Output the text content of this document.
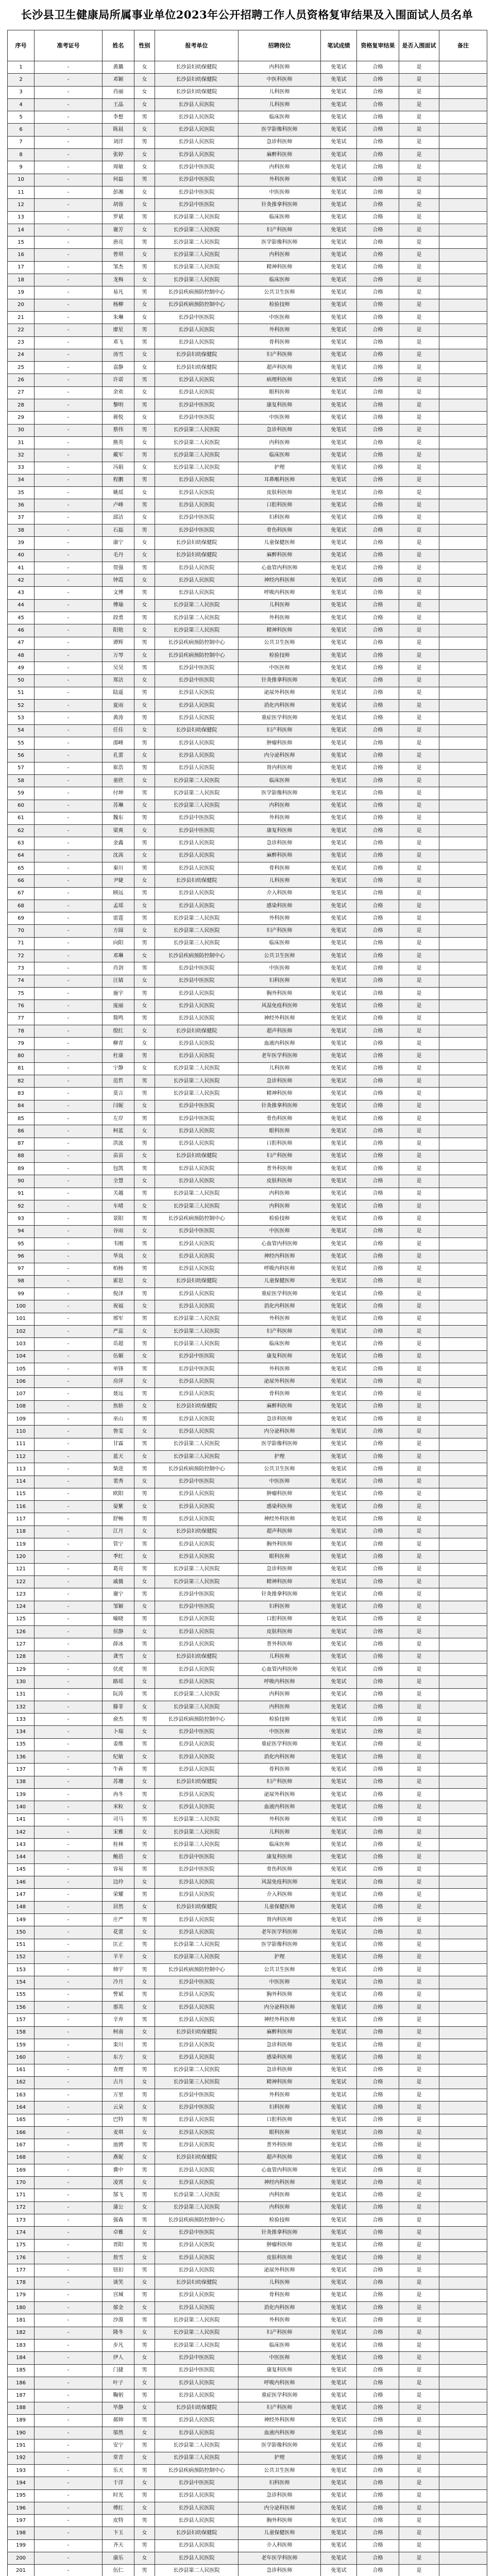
长沙县卫生健康局所属事业单位2023年公开招聘工作人员资格复审结果及入围面试人员名单
序号	准考证号	姓名	性别	报考单位	招聘岗位	笔试成绩	资格复审结果	是否入围面试	备注
1	-	黄璐	女	长沙县妇幼保健院	内科医师	免笔试	合格	是	
2	-	邓颖	女	长沙县妇幼保健院	中医科医师	免笔试	合格	是	
3	-	肖丽	女	长沙县妇幼保健院	儿科医师	免笔试	合格	是	
4	-	王晶	女	长沙县人民医院	儿科医师	免笔试	合格	是	
5	-	李想	男	长沙县人民医院	临床医师	免笔试	合格	是	
6	-	陈晨	女	长沙县人民医院	医学影像科医师	免笔试	合格	是	
7	-	刘洋	男	长沙县人民医院	急诊科医师	免笔试	合格	是	
8	-	张婷	女	长沙县人民医院	麻醉科医师	免笔试	合格	是	
9	-	周敏	女	长沙县中医医院	内科医师	免笔试	合格	是	
10	-	何磊	男	长沙县中医医院	外科医师	免笔试	合格	是	
11	-	彭湘	女	长沙县中医医院	中医医师	免笔试	合格	是	
12	-	胡蓉	女	长沙县中医医院	针灸推拿科医师	免笔试	合格	是	
13	-	罗斌	男	长沙县第二人民医院	临床医师	免笔试	合格	是	
14	-	谢芳	女	长沙县第二人民医院	妇产科医师	免笔试	合格	是	
15	-	唐亮	男	长沙县第二人民医院	医学影像科医师	免笔试	合格	是	
16	-	曾琪	女	长沙县第三人民医院	内科医师	免笔试	合格	是	
17	-	邹杰	男	长沙县第三人民医院	精神科医师	免笔试	合格	是	
18	-	龙梅	女	长沙县第三人民医院	临床医师	免笔试	合格	是	
19	-	易凡	男	长沙县疾病预防控制中心	公共卫生医师	免笔试	合格	是	
20	-	杨柳	女	长沙县疾病预防控制中心	检验技师	免笔试	合格	是	
21	-	朱琳	女	长沙县中医医院	中医医师	免笔试	合格	是	
22	-	廖星	男	长沙县人民医院	外科医师	免笔试	合格	是	
23	-	邓飞	男	长沙县人民医院	骨科医师	免笔试	合格	是	
24	-	汤雪	女	长沙县妇幼保健院	妇产科医师	免笔试	合格	是	
25	-	袁静	女	长沙县妇幼保健院	超声科医师	免笔试	合格	是	
26	-	许诺	男	长沙县人民医院	病理科医师	免笔试	合格	是	
27	-	余欢	女	长沙县人民医院	眼科医师	免笔试	合格	是	
28	-	黎明	男	长沙县中医医院	康复科医师	免笔试	合格	是	
29	-	蒋悦	女	长沙县中医医院	中医医师	免笔试	合格	是	
30	-	蔡伟	男	长沙县第二人民医院	急诊科医师	免笔试	合格	是	
31	-	熊英	女	长沙县第二人民医院	内科医师	免笔试	合格	是	
32	-	戴军	男	长沙县第三人民医院	临床医师	免笔试	合格	是	
33	-	冯娟	女	长沙县第三人民医院	护理	免笔试	合格	是	
34	-	程鹏	男	长沙县人民医院	耳鼻喉科医师	免笔试	合格	是	
35	-	姚瑶	女	长沙县人民医院	皮肤科医师	免笔试	合格	是	
36	-	卢峰	男	长沙县人民医院	口腔科医师	免笔试	合格	是	
37	-	邱洁	女	长沙县中医医院	妇科医师	免笔试	合格	是	
38	-	石磊	男	长沙县中医医院	骨伤科医师	免笔试	合格	是	
39	-	康宁	女	长沙县妇幼保健院	儿童保健医师	免笔试	合格	是	
40	-	毛丹	女	长沙县妇幼保健院	麻醉科医师	免笔试	合格	是	
41	-	贺强	男	长沙县人民医院	心血管内科医师	免笔试	合格	是	
42	-	钟霞	女	长沙县人民医院	神经内科医师	免笔试	合格	是	
43	-	文博	男	长沙县人民医院	呼吸内科医师	免笔试	合格	是	
44	-	傅瑜	女	长沙县第二人民医院	儿科医师	免笔试	合格	是	
45	-	段勇	男	长沙县第二人民医院	外科医师	免笔试	合格	是	
46	-	阳艳	女	长沙县第三人民医院	精神科医师	免笔试	合格	是	
47	-	谭辉	男	长沙县疾病预防控制中心	公共卫生医师	免笔试	合格	是	
48	-	万琴	女	长沙县疾病预防控制中心	检验技师	免笔试	合格	是	
49	-	吴昊	男	长沙县中医医院	中医医师	免笔试	合格	是	
50	-	郑洁	女	长沙县中医医院	针灸推拿科医师	免笔试	合格	是	
51	-	陆遥	男	长沙县人民医院	泌尿外科医师	免笔试	合格	是	
52	-	夏雨	女	长沙县人民医院	消化内科医师	免笔试	合格	是	
53	-	黄涛	男	长沙县人民医院	重症医学科医师	免笔试	合格	是	
54	-	任佳	女	长沙县妇幼保健院	妇产科医师	免笔试	合格	是	
55	-	邵峰	男	长沙县人民医院	肿瘤科医师	免笔试	合格	是	
56	-	孔蕾	女	长沙县人民医院	内分泌科医师	免笔试	合格	是	
57	-	崔浩	男	长沙县人民医院	肾内科医师	免笔试	合格	是	
58	-	童欣	女	长沙县第二人民医院	临床医师	免笔试	合格	是	
59	-	付坤	男	长沙县第二人民医院	医学影像科医师	免笔试	合格	是	
60	-	苏琳	女	长沙县第三人民医院	内科医师	免笔试	合格	是	
61	-	魏东	男	长沙县中医医院	外科医师	免笔试	合格	是	
62	-	梁爽	女	长沙县中医医院	康复科医师	免笔试	合格	是	
63	-	金鑫	男	长沙县人民医院	急诊科医师	免笔试	合格	是	
64	-	沈茜	女	长沙县人民医院	麻醉科医师	免笔试	合格	是	
65	-	秦川	男	长沙县人民医院	骨科医师	免笔试	合格	是	
66	-	尹婕	女	长沙县妇幼保健院	儿科医师	免笔试	合格	是	
67	-	顾远	男	长沙县人民医院	介入科医师	免笔试	合格	是	
68	-	孟瑶	女	长沙县人民医院	感染科医师	免笔试	合格	是	
69	-	雷霆	男	长沙县第二人民医院	外科医师	免笔试	合格	是	
70	-	方圆	女	长沙县第二人民医院	妇产科医师	免笔试	合格	是	
71	-	向阳	男	长沙县第三人民医院	临床医师	免笔试	合格	是	
72	-	邓琳	女	长沙县疾病预防控制中心	公共卫生医师	免笔试	合格	是	
73	-	肖剑	男	长沙县中医医院	中医医师	免笔试	合格	是	
74	-	汪婧	女	长沙县中医医院	妇科医师	免笔试	合格	是	
75	-	施宇	男	长沙县人民医院	胸外科医师	免笔试	合格	是	
76	-	庞丽	女	长沙县人民医院	风湿免疫科医师	免笔试	合格	是	
77	-	简鸣	男	长沙县人民医院	神经外科医师	免笔试	合格	是	
78	-	殷红	女	长沙县妇幼保健院	超声科医师	免笔试	合格	是	
79	-	柳青	女	长沙县人民医院	血液内科医师	免笔试	合格	是	
80	-	杜康	男	长沙县人民医院	老年医学科医师	免笔试	合格	是	
81	-	宁静	女	长沙县第二人民医院	儿科医师	免笔试	合格	是	
82	-	范哲	男	长沙县第二人民医院	急诊科医师	免笔试	合格	是	
83	-	莫言	男	长沙县第三人民医院	精神科医师	免笔试	合格	是	
84	-	闫妮	女	长沙县中医医院	针灸推拿科医师	免笔试	合格	是	
85	-	左岸	男	长沙县中医医院	骨伤科医师	免笔试	合格	是	
86	-	柯蓝	女	长沙县人民医院	眼科医师	免笔试	合格	是	
87	-	洪波	男	长沙县人民医院	口腔科医师	免笔试	合格	是	
88	-	苗苗	女	长沙县妇幼保健院	妇产科医师	免笔试	合格	是	
89	-	包凯	男	长沙县人民医院	普外科医师	免笔试	合格	是	
90	-	全慧	女	长沙县人民医院	皮肤科医师	免笔试	合格	是	
91	-	关越	男	长沙县第二人民医院	内科医师	免笔试	合格	是	
92	-	车晴	女	长沙县第三人民医院	内科医师	免笔试	合格	是	
93	-	景阳	男	长沙县疾病预防控制中心	检验技师	免笔试	合格	是	
94	-	谷雨	女	长沙县中医医院	中医医师	免笔试	合格	是	
95	-	韦刚	男	长沙县人民医院	心血管内科医师	免笔试	合格	是	
96	-	华岚	女	长沙县人民医院	神经内科医师	免笔试	合格	是	
97	-	柏杨	男	长沙县人民医院	呼吸内科医师	免笔试	合格	是	
98	-	霍思	女	长沙县妇幼保健院	儿童保健医师	免笔试	合格	是	
99	-	倪泽	男	长沙县人民医院	重症医学科医师	免笔试	合格	是	
100	-	祝福	女	长沙县人民医院	消化内科医师	免笔试	合格	是	
101	-	邢军	男	长沙县第二人民医院	外科医师	免笔试	合格	是	
102	-	严蕊	女	长沙县第二人民医院	妇产科医师	免笔试	合格	是	
103	-	岳超	男	长沙县第三人民医院	临床医师	免笔试	合格	是	
104	-	伍媚	女	长沙县中医医院	康复科医师	免笔试	合格	是	
105	-	单锋	男	长沙县中医医院	外科医师	免笔试	合格	是	
106	-	房萍	女	长沙县人民医院	泌尿外科医师	免笔试	合格	是	
107	-	聂远	男	长沙县人民医院	骨科医师	免笔试	合格	是	
108	-	焦娇	女	长沙县妇幼保健院	麻醉科医师	免笔试	合格	是	
109	-	巫山	男	长沙县人民医院	急诊科医师	免笔试	合格	是	
110	-	鲁雯	女	长沙县人民医院	内分泌科医师	免笔试	合格	是	
111	-	甘霖	男	长沙县第二人民医院	医学影像科医师	免笔试	合格	是	
112	-	蓝天	女	长沙县第三人民医院	护理	免笔试	合格	是	
113	-	柴进	男	长沙县疾病预防控制中心	公共卫生医师	免笔试	合格	是	
114	-	裴秀	女	长沙县中医医院	中医医师	免笔试	合格	是	
115	-	欧阳	男	长沙县人民医院	肿瘤科医师	免笔试	合格	是	
116	-	晏紫	女	长沙县人民医院	感染科医师	免笔试	合格	是	
117	-	舒畅	男	长沙县人民医院	神经外科医师	免笔试	合格	是	
118	-	江月	女	长沙县妇幼保健院	超声科医师	免笔试	合格	是	
119	-	管宁	男	长沙县人民医院	胸外科医师	免笔试	合格	是	
120	-	季红	女	长沙县人民医院	眼科医师	免笔试	合格	是	
121	-	葛亮	男	长沙县第二人民医院	急诊科医师	免笔试	合格	是	
122	-	戚薇	女	长沙县第三人民医院	精神科医师	免笔试	合格	是	
123	-	谢宁	男	长沙县中医医院	针灸推拿科医师	免笔试	合格	是	
124	-	邹颖	女	长沙县中医医院	妇科医师	免笔试	合格	是	
125	-	喻晓	男	长沙县人民医院	口腔科医师	免笔试	合格	是	
126	-	侯静	女	长沙县人民医院	皮肤科医师	免笔试	合格	是	
127	-	薛冰	男	长沙县人民医院	普外科医师	免笔试	合格	是	
128	-	龚雪	女	长沙县妇幼保健院	儿科医师	免笔试	合格	是	
129	-	伏虎	男	长沙县人民医院	心血管内科医师	免笔试	合格	是	
130	-	路瑶	女	长沙县人民医院	呼吸内科医师	免笔试	合格	是	
131	-	阮涛	男	长沙县第二人民医院	内科医师	免笔试	合格	是	
132	-	滕菲	女	长沙县第三人民医院	内科医师	免笔试	合格	是	
133	-	俞杰	男	长沙县疾病预防控制中心	检验技师	免笔试	合格	是	
134	-	卜瑞	女	长沙县中医医院	中医医师	免笔试	合格	是	
135	-	姜维	男	长沙县人民医院	重症医学科医师	免笔试	合格	是	
136	-	纪敏	女	长沙县人民医院	消化内科医师	免笔试	合格	是	
137	-	牛犇	男	长沙县人民医院	骨科医师	免笔试	合格	是	
138	-	苏珊	女	长沙县妇幼保健院	妇产科医师	免笔试	合格	是	
139	-	冉冬	男	长沙县人民医院	泌尿外科医师	免笔试	合格	是	
140	-	米粒	女	长沙县人民医院	血液内科医师	免笔试	合格	是	
141	-	司马	男	长沙县第二人民医院	外科医师	免笔试	合格	是	
142	-	宋雅	女	长沙县第二人民医院	儿科医师	免笔试	合格	是	
143	-	桂林	男	长沙县第三人民医院	临床医师	免笔试	合格	是	
144	-	鲍蓓	女	长沙县中医医院	康复科医师	免笔试	合格	是	
145	-	容易	男	长沙县中医医院	骨伤科医师	免笔试	合格	是	
146	-	边玲	女	长沙县人民医院	风湿免疫科医师	免笔试	合格	是	
147	-	荣耀	男	长沙县人民医院	介入科医师	免笔试	合格	是	
148	-	居然	女	长沙县妇幼保健院	儿童保健医师	免笔试	合格	是	
149	-	庄严	男	长沙县人民医院	肾内科医师	免笔试	合格	是	
150	-	花蕾	女	长沙县人民医院	老年医学科医师	免笔试	合格	是	
151	-	匡正	男	长沙县第二人民医院	医学影像科医师	免笔试	合格	是	
152	-	羊羊	女	长沙县第三人民医院	护理	免笔试	合格	是	
153	-	帅宇	男	长沙县疾病预防控制中心	公共卫生医师	免笔试	合格	是	
154	-	冷月	女	长沙县中医医院	中医医师	免笔试	合格	是	
155	-	訾斌	男	长沙县人民医院	胸外科医师	免笔试	合格	是	
156	-	那英	女	长沙县人民医院	内分泌科医师	免笔试	合格	是	
157	-	辛弃	男	长沙县人民医院	神经外科医师	免笔试	合格	是	
158	-	柯南	女	长沙县妇幼保健院	麻醉科医师	免笔试	合格	是	
159	-	栾川	男	长沙县人民医院	急诊科医师	免笔试	合格	是	
160	-	东方	女	长沙县人民医院	感染科医师	免笔试	合格	是	
161	-	查理	男	长沙县第二人民医院	急诊科医师	免笔试	合格	是	
162	-	古月	女	长沙县第三人民医院	精神科医师	免笔试	合格	是	
163	-	万里	男	长沙县中医医院	外科医师	免笔试	合格	是	
164	-	云朵	女	长沙县中医医院	妇科医师	免笔试	合格	是	
165	-	巴特	男	长沙县人民医院	口腔科医师	免笔试	合格	是	
166	-	麦琪	女	长沙县人民医院	眼科医师	免笔试	合格	是	
167	-	池骋	男	长沙县人民医院	普外科医师	免笔试	合格	是	
168	-	燕妮	女	长沙县妇幼保健院	超声科医师	免笔试	合格	是	
169	-	冀中	男	长沙县人民医院	心血管内科医师	免笔试	合格	是	
170	-	凌霄	女	长沙县人民医院	神经内科医师	免笔试	合格	是	
171	-	郜飞	男	长沙县第二人民医院	内科医师	免笔试	合格	是	
172	-	蒲公	女	长沙县第三人民医院	内科医师	免笔试	合格	是	
173	-	强森	男	长沙县疾病预防控制中心	检验技师	免笔试	合格	是	
174	-	卓雅	女	长沙县中医医院	针灸推拿科医师	免笔试	合格	是	
175	-	晋阳	男	长沙县人民医院	肿瘤科医师	免笔试	合格	是	
176	-	敖雪	女	长沙县人民医院	皮肤科医师	免笔试	合格	是	
177	-	钮扣	男	长沙县人民医院	泌尿外科医师	免笔试	合格	是	
178	-	谈笑	女	长沙县妇幼保健院	儿科医师	免笔试	合格	是	
179	-	宫城	男	长沙县人民医院	骨科医师	免笔试	合格	是	
180	-	郁金	女	长沙县人民医院	消化内科医师	免笔试	合格	是	
181	-	沙漠	男	长沙县第二人民医院	外科医师	免笔试	合格	是	
182	-	隆冬	女	长沙县第二人民医院	妇产科医师	免笔试	合格	是	
183	-	步凡	男	长沙县第三人民医院	临床医师	免笔试	合格	是	
184	-	伊人	女	长沙县中医医院	中医医师	免笔试	合格	是	
185	-	门捷	男	长沙县中医医院	康复科医师	免笔试	合格	是	
186	-	叶子	女	长沙县人民医院	呼吸内科医师	免笔试	合格	是	
187	-	鞠躬	男	长沙县人民医院	重症医学科医师	免笔试	合格	是	
188	-	毕静	女	长沙县妇幼保健院	妇产科医师	免笔试	合格	是	
189	-	郝帅	男	长沙县人民医院	神经外科医师	免笔试	合格	是	
190	-	邬然	女	长沙县人民医院	血液内科医师	免笔试	合格	是	
191	-	安宁	男	长沙县第二人民医院	医学影像科医师	免笔试	合格	是	
192	-	常青	女	长沙县第三人民医院	护理	免笔试	合格	是	
193	-	乐天	男	长沙县疾病预防控制中心	公共卫生医师	免笔试	合格	是	
194	-	于洋	女	长沙县中医医院	妇科医师	免笔试	合格	是	
195	-	时光	男	长沙县人民医院	急诊科医师	免笔试	合格	是	
196	-	傅红	女	长沙县人民医院	内分泌科医师	免笔试	合格	是	
197	-	皮特	男	长沙县人民医院	胸外科医师	免笔试	合格	是	
198	-	卞玉	女	长沙县妇幼保健院	儿童保健医师	免笔试	合格	是	
199	-	齐天	男	长沙县人民医院	介入科医师	免笔试	合格	是	
200	-	康乐	女	长沙县人民医院	老年医学科医师	免笔试	合格	是	
201	-	伍仁	男	长沙县第二人民医院	急诊科医师	免笔试	合格	是	
